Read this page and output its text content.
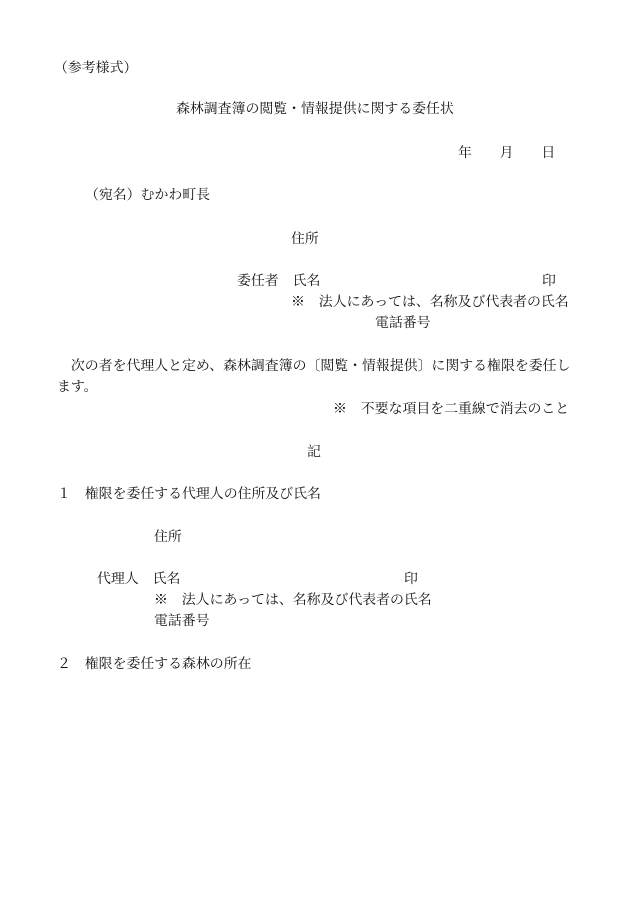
（参考様式）
森林調査簿の閲覧・情報提供に関する委任状
年　　月　　日
（宛名）むかわ町長
住所
委任者　氏名	印
※　法人にあっては、名称及び代表者の氏名
電話番号
　次の者を代理人と定め、森林調査簿の〔閲覧・情報提供〕に関する権限を委任し
ます。
※　不要な項目を二重線で消去のこと
記
１　権限を委任する代理人の住所及び氏名
住所
代理人　氏名	印
※　法人にあっては、名称及び代表者の氏名
電話番号
２　権限を委任する森林の所在
